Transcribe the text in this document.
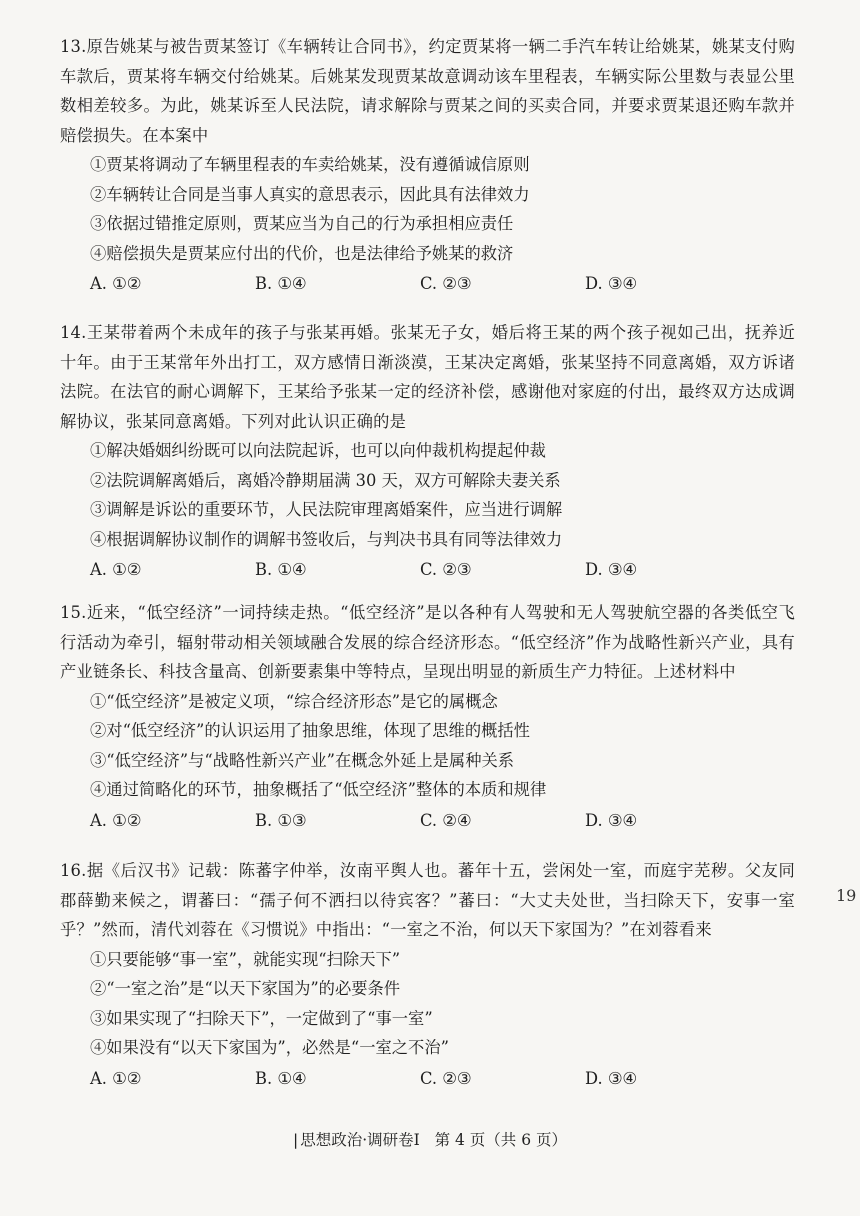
13.原告姚某与被告贾某签订《车辆转让合同书》，约定贾某将一辆二手汽车转让给姚某，姚某支付购车款后，贾某将车辆交付给姚某。后姚某发现贾某故意调动该车里程表，车辆实际公里数与表显公里数相差较多。为此，姚某诉至人民法院，请求解除与贾某之间的买卖合同，并要求贾某退还购车款并赔偿损失。在本案中
①贾某将调动了车辆里程表的车卖给姚某，没有遵循诚信原则
②车辆转让合同是当事人真实的意思表示，因此具有法律效力
③依据过错推定原则，贾某应当为自己的行为承担相应责任
④赔偿损失是贾某应付出的代价，也是法律给予姚某的救济
A. ①②	B. ①④	C. ②③	D. ③④
14.王某带着两个未成年的孩子与张某再婚。张某无子女，婚后将王某的两个孩子视如己出，抚养近十年。由于王某常年外出打工，双方感情日渐淡漠，王某决定离婚，张某坚持不同意离婚，双方诉诸法院。在法官的耐心调解下，王某给予张某一定的经济补偿，感谢他对家庭的付出，最终双方达成调解协议，张某同意离婚。下列对此认识正确的是
①解决婚姻纠纷既可以向法院起诉，也可以向仲裁机构提起仲裁
②法院调解离婚后，离婚冷静期届满 30 天，双方可解除夫妻关系
③调解是诉讼的重要环节，人民法院审理离婚案件，应当进行调解
④根据调解协议制作的调解书签收后，与判决书具有同等法律效力
A. ①②	B. ①④	C. ②③	D. ③④
15.近来，“低空经济”一词持续走热。“低空经济”是以各种有人驾驶和无人驾驶航空器的各类低空飞行活动为牵引，辐射带动相关领域融合发展的综合经济形态。“低空经济”作为战略性新兴产业，具有产业链条长、科技含量高、创新要素集中等特点，呈现出明显的新质生产力特征。上述材料中
①“低空经济”是被定义项，“综合经济形态”是它的属概念
②对“低空经济”的认识运用了抽象思维，体现了思维的概括性
③“低空经济”与“战略性新兴产业”在概念外延上是属种关系
④通过简略化的环节，抽象概括了“低空经济”整体的本质和规律
A. ①②	B. ①③	C. ②④	D. ③④
16.据《后汉书》记载：陈蕃字仲举，汝南平舆人也。蕃年十五，尝闲处一室，而庭宇芜秽。父友同郡薛勤来候之，谓蕃曰：“孺子何不洒扫以待宾客？”蕃曰：“大丈夫处世，当扫除天下，安事一室乎？”然而，清代刘蓉在《习惯说》中指出：“一室之不治，何以天下家国为？”在刘蓉看来
①只要能够“事一室”，就能实现“扫除天下”
②“一室之治”是“以天下家国为”的必要条件
③如果实现了“扫除天下”，一定做到了“事一室”
④如果没有“以天下家国为”，必然是“一室之不治”
A. ①②	B. ①④	C. ②③	D. ③④
19
| 思想政治·调研卷Ⅰ 第 4 页（共 6 页）
